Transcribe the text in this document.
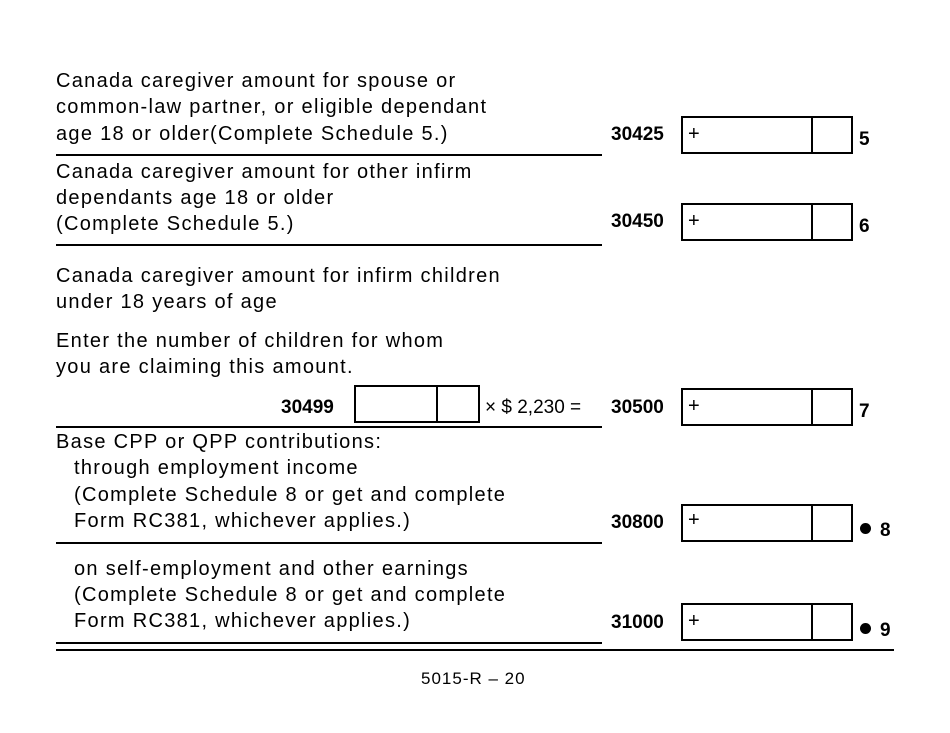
Canada caregiver amount for spouse or
common-law partner, or eligible dependant
age 18 or older(Complete Schedule 5.)	30425 +	5
Canada caregiver amount for other infirm
dependants age 18 or older
(Complete Schedule 5.)	30450 +	6
Canada caregiver amount for infirm children
under 18 years of age
Enter the number of children for whom
you are claiming this amount.
30499	× $ 2,230 = 30500 +	7
Base CPP or QPP contributions:
through employment income
(Complete Schedule 8 or get and complete
Form RC381, whichever applies.)	30800 +	8
on self-employment and other earnings
(Complete Schedule 8 or get and complete
Form RC381, whichever applies.)	31000 +	9
5015-R – 20
